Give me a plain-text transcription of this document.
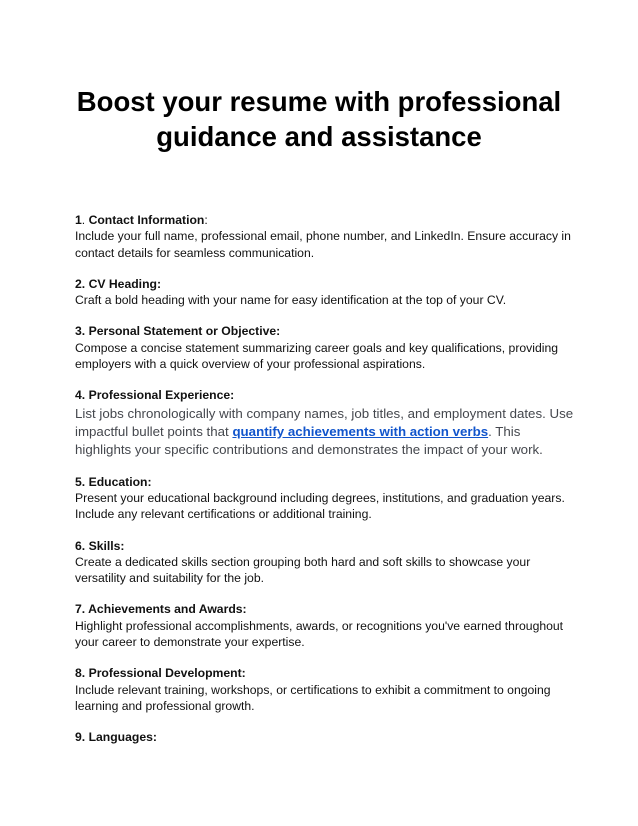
Boost your resume with professional
guidance and assistance
1. Contact Information:
Include your full name, professional email, phone number, and LinkedIn. Ensure accuracy in contact details for seamless communication.
2. CV Heading:
Craft a bold heading with your name for easy identification at the top of your CV.
3. Personal Statement or Objective:
Compose a concise statement summarizing career goals and key qualifications, providing employers with a quick overview of your professional aspirations.
4. Professional Experience:
List jobs chronologically with company names, job titles, and employment dates. Use impactful bullet points that quantify achievements with action verbs. This highlights your specific contributions and demonstrates the impact of your work.
5. Education:
Present your educational background including degrees, institutions, and graduation years. Include any relevant certifications or additional training.
6. Skills:
Create a dedicated skills section grouping both hard and soft skills to showcase your versatility and suitability for the job.
7. Achievements and Awards:
Highlight professional accomplishments, awards, or recognitions you've earned throughout your career to demonstrate your expertise.
8. Professional Development:
Include relevant training, workshops, or certifications to exhibit a commitment to ongoing learning and professional growth.
9. Languages:
